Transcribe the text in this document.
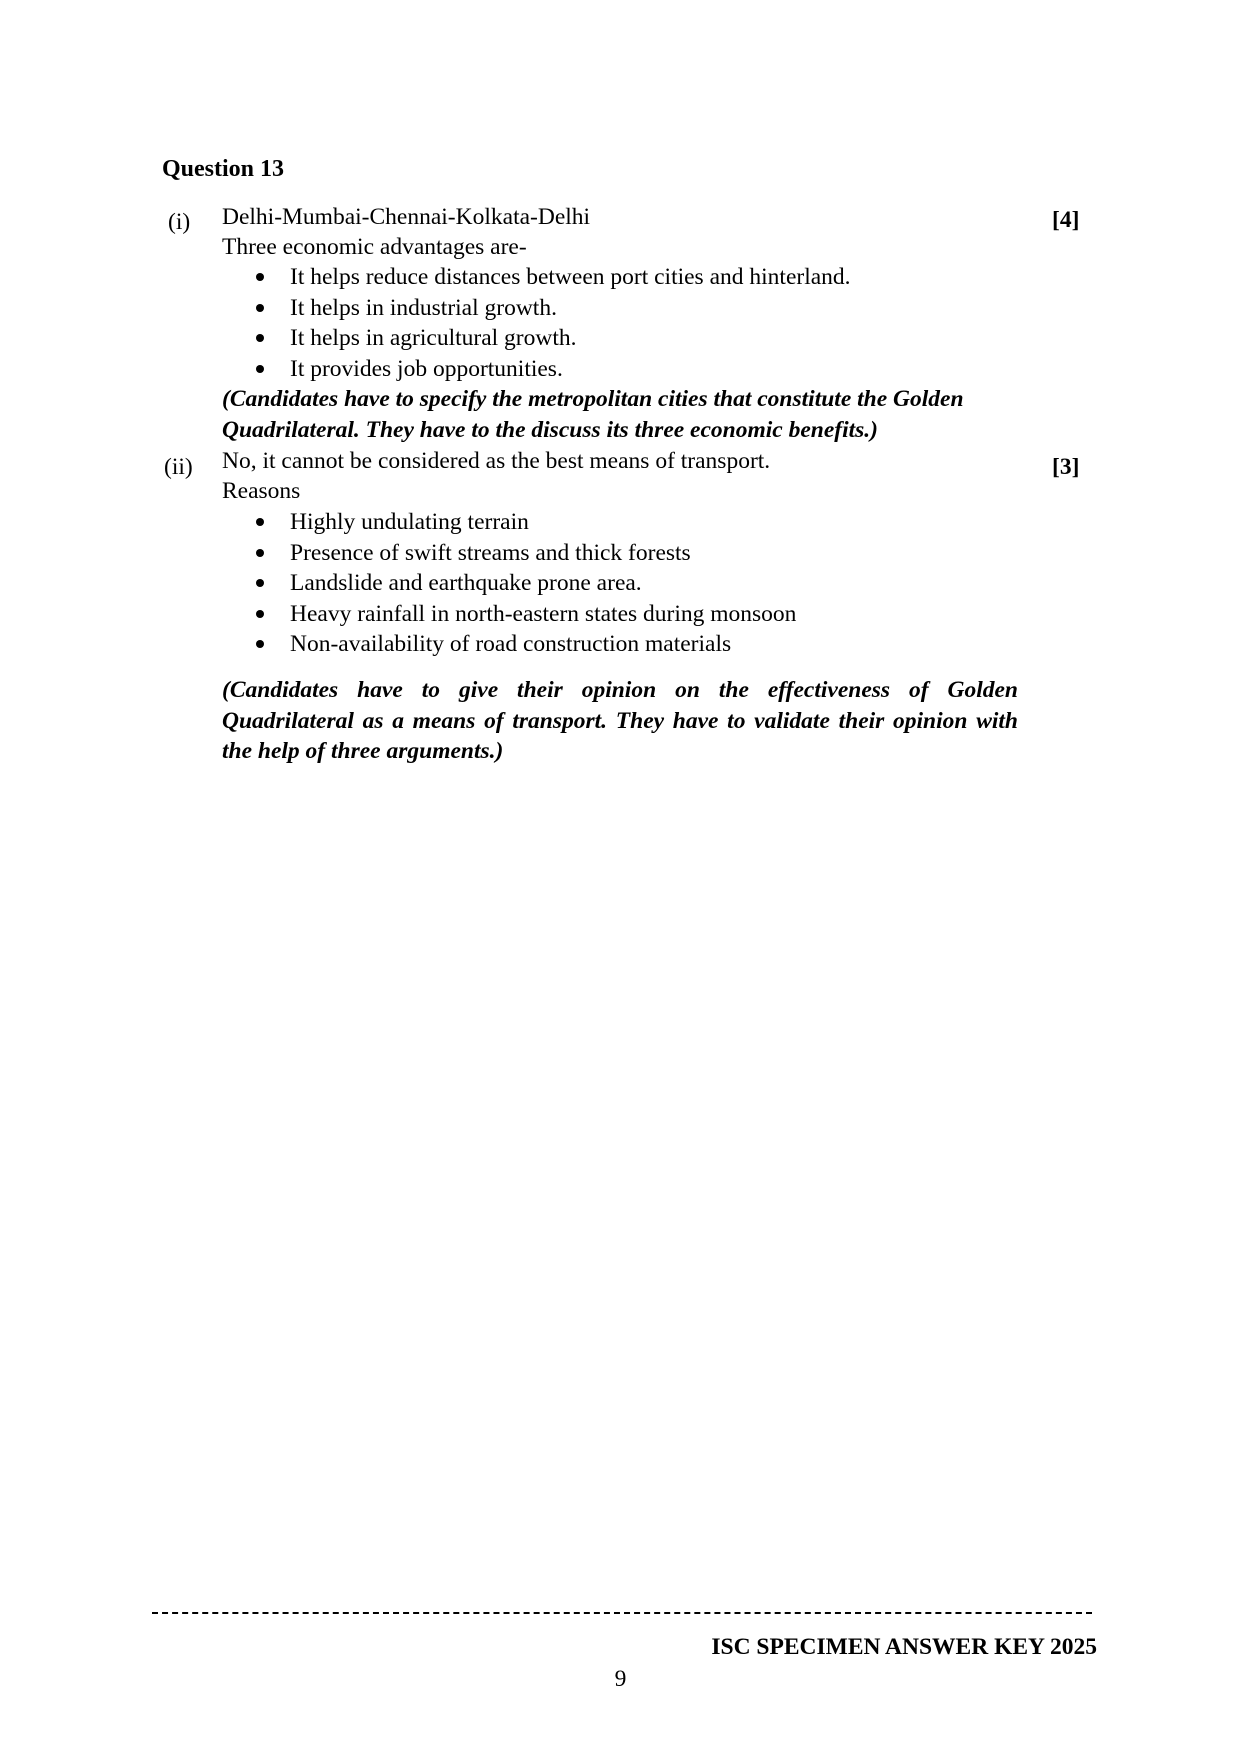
Question 13
(i)	[4]
Delhi-Mumbai-Chennai-Kolkata-Delhi
Three economic advantages are-
It helps reduce distances between port cities and hinterland.
It helps in industrial growth.
It helps in agricultural growth.
It provides job opportunities.
(Candidates have to specify the metropolitan cities that constitute the Golden
Quadrilateral. They have to the discuss its three economic benefits.)
(ii)	[3]
No, it cannot be considered as the best means of transport.
Reasons
Highly undulating terrain
Presence of swift streams and thick forests
Landslide and earthquake prone area.
Heavy rainfall in north-eastern states during monsoon
Non-availability of road construction materials
(Candidates have to give their opinion on the effectiveness of Golden Quadrilateral as a means of transport. They have to validate their opinion with the help of three arguments.)
ISC SPECIMEN ANSWER KEY 2025
9
